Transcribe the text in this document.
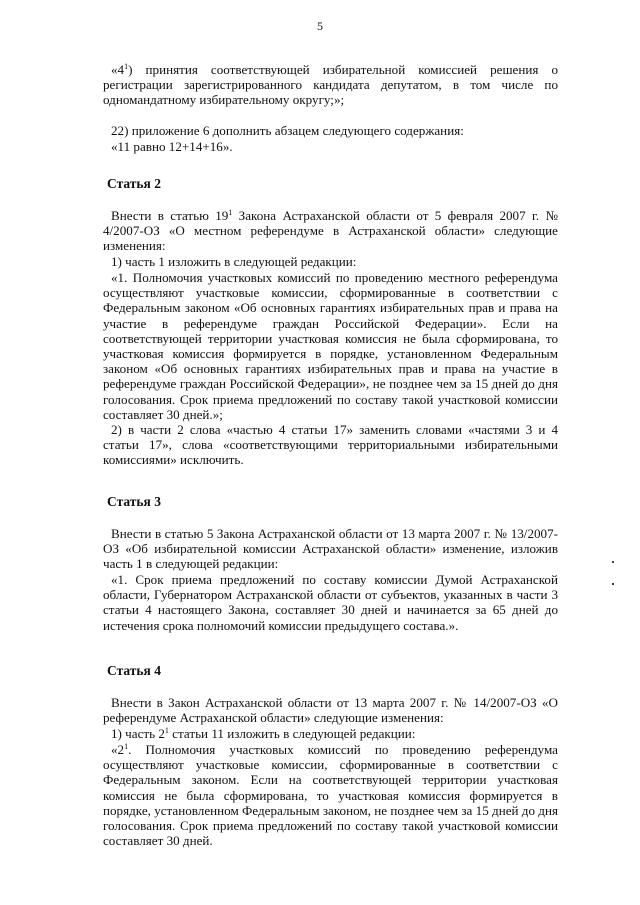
5

«$4^1$) принятия соответствующей избирательной комиссией решения о регистрации зарегистрированного кандидата депутатом, в том числе по одномандатному избирательному округу;»;

22) приложение 6 дополнить абзацем следующего содержания:

«11 равно 12+14+16».

Статья 2

Внести в статью $19^1$ Закона Астраханской области от 5 февраля 2007 г. № 4/2007-ОЗ «О местном референдуме в Астраханской области» следующие изменения:

1) часть 1 изложить в следующей редакции:

«1. Полномочия участковых комиссий по проведению местного референдума осуществляют участковые комиссии, сформированные в соответствии с Федеральным законом «Об основных гарантиях избирательных прав и права на участие в референдуме граждан Российской Федерации». Если на соответствующей территории участковая комиссия не была сформирована, то участковая комиссия формируется в порядке, установленном Федеральным законом «Об основных гарантиях избирательных прав и права на участие в референдуме граждан Российской Федерации», не позднее чем за 15 дней до дня голосования. Срок приема предложений по составу такой участковой комиссии составляет 30 дней.»;

2) в части 2 слова «частью 4 статьи 17» заменить словами «частями 3 и 4 статьи 17», слова «соответствующими территориальными избирательными комиссиями» исключить.

Статья 3

Внести в статью 5 Закона Астраханской области от 13 марта 2007 г. № 13/2007-ОЗ «Об избирательной комиссии Астраханской области» изменение, изложив часть 1 в следующей редакции:

«1. Срок приема предложений по составу комиссии Думой Астраханской области, Губернатором Астраханской области от субъектов, указанных в части 3 статьи 4 настоящего Закона, составляет 30 дней и начинается за 65 дней до истечения срока полномочий комиссии предыдущего состава.».

Статья 4

Внести в Закон Астраханской области от 13 марта 2007 г. № 14/2007-ОЗ «О референдуме Астраханской области» следующие изменения:

1) часть $2^1$ статьи 11 изложить в следующей редакции:

«$2^1$. Полномочия участковых комиссий по проведению референдума осуществляют участковые комиссии, сформированные в соответствии с Федеральным законом. Если на соответствующей территории участковая комиссия не была сформирована, то участковая комиссия формируется в порядке, установленном Федеральным законом, не позднее чем за 15 дней до дня голосования. Срок приема предложений по составу такой участковой комиссии составляет 30 дней.
